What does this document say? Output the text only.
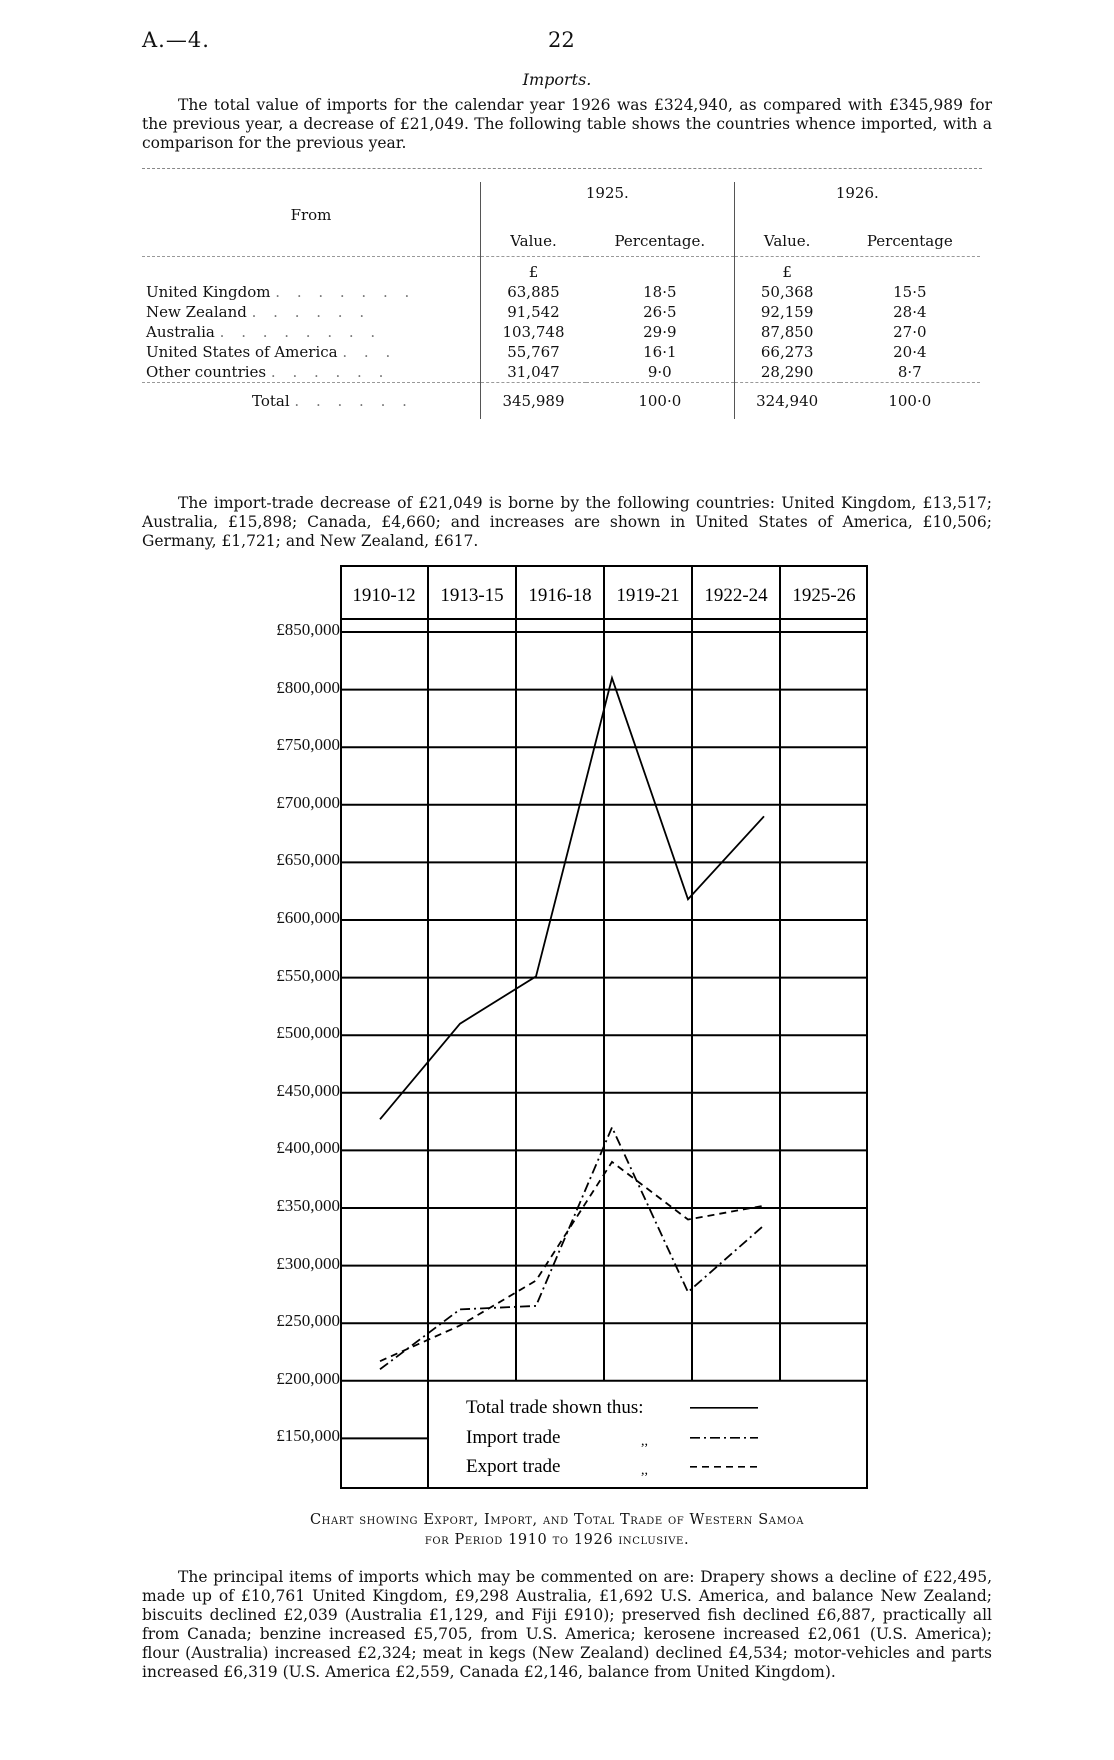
A.—4.	22
Imports.

The total value of imports for the calendar year 1926 was £324,940, as compared with £345,989 for the previous year, a decrease of £21,049. The following table shows the countries whence imported, with a comparison for the previous year.

	1925.		1926.	
From				
	Value.	Percentage.	Value.	Percentage
	£		£	
United Kingdom . . . . . . .	63,885	18·5	50,368	15·5
New Zealand . . . . . .	91,542	26·5	92,159	28·4
Australia . . . . . . . .	103,748	29·9	87,850	27·0
United States of America . . .	55,767	16·1	66,273	20·4
Other countries . . . . . .	31,047	9·0	28,290	8·7
Total . . . . . .	345,989	100·0	324,940	100·0

The import-trade decrease of £21,049 is borne by the following countries: United Kingdom, £13,517; Australia, £15,898; Canada, £4,660; and increases are shown in United States of America, £10,506; Germany, £1,721; and New Zealand, £617.

1910-12 1913-15 1916-18 1919-21 1922-24 1925-26
Total trade shown thus:
Import trade
Export trade
,,
,,
£850,000
£800,000
£750,000
£700,000
£650,000
£600,000
£550,000
£500,000
£450,000
£400,000
£350,000
£300,000
£250,000
£200,000
£150,000
Chart showing Export, Import, and Total Trade of Western Samoa
for Period 1910 to 1926 inclusive.

The principal items of imports which may be commented on are: Drapery shows a decline of £22,495, made up of £10,761 United Kingdom, £9,298 Australia, £1,692 U.S. America, and balance New Zealand; biscuits declined £2,039 (Australia £1,129, and Fiji £910); preserved fish declined £6,887, practically all from Canada; benzine increased £5,705, from U.S. America; kerosene increased £2,061 (U.S. America); flour (Australia) increased £2,324; meat in kegs (New Zealand) declined £4,534; motor-vehicles and parts increased £6,319 (U.S. America £2,559, Canada £2,146, balance from United Kingdom).
